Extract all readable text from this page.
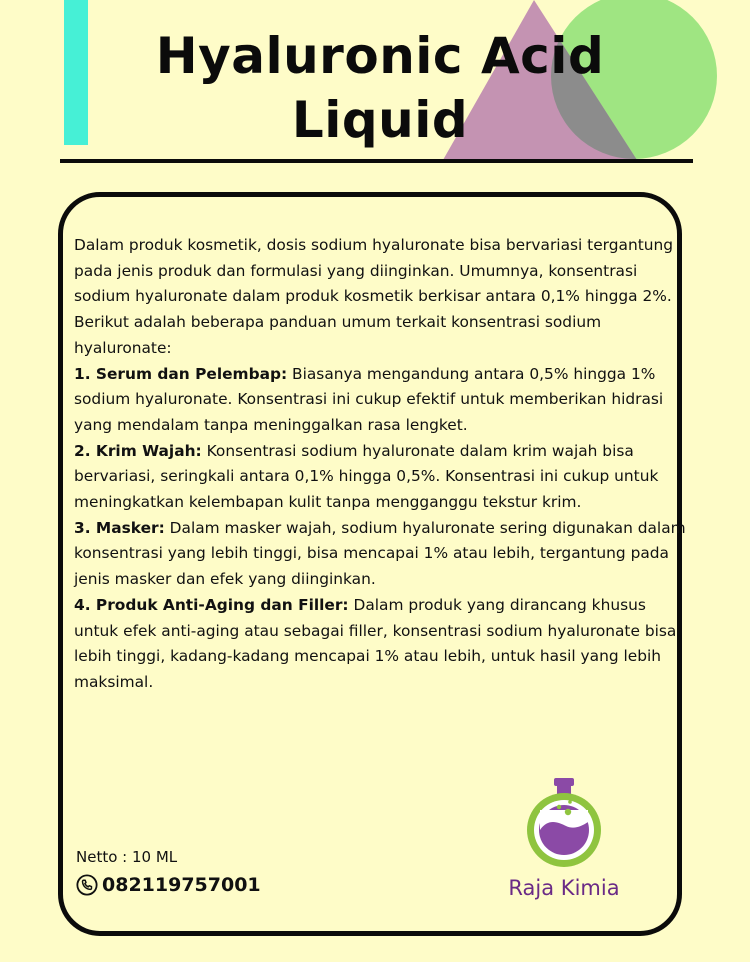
Hyaluronic Acid
Liquid

Dalam produk kosmetik, dosis sodium hyaluronate bisa bervariasi tergantung pada jenis produk dan formulasi yang diinginkan. Umumnya, konsentrasi sodium hyaluronate dalam produk kosmetik berkisar antara 0,1% hingga 2%. Berikut adalah beberapa panduan umum terkait konsentrasi sodium hyaluronate:

1. Serum dan Pelembap: Biasanya mengandung antara 0,5% hingga 1% sodium hyaluronate. Konsentrasi ini cukup efektif untuk memberikan hidrasi yang mendalam tanpa meninggalkan rasa lengket.

2. Krim Wajah: Konsentrasi sodium hyaluronate dalam krim wajah bisa bervariasi, seringkali antara 0,1% hingga 0,5%. Konsentrasi ini cukup untuk meningkatkan kelembapan kulit tanpa mengganggu tekstur krim.

3. Masker: Dalam masker wajah, sodium hyaluronate sering digunakan dalam konsentrasi yang lebih tinggi, bisa mencapai 1% atau lebih, tergantung pada jenis masker dan efek yang diinginkan.

4. Produk Anti-Aging dan Filler: Dalam produk yang dirancang khusus untuk efek anti-aging atau sebagai filler, konsentrasi sodium hyaluronate bisa lebih tinggi, kadang-kadang mencapai 1% atau lebih, untuk hasil yang lebih maksimal.

Netto : 10 ML
082119757001	Raja Kimia
